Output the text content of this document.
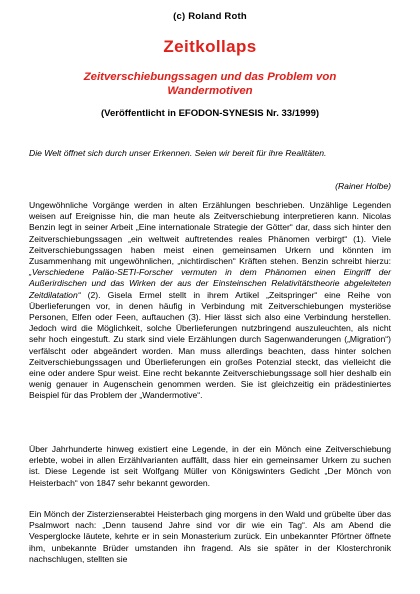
(c) Roland Roth
Zeitkollaps
Zeitverschiebungssagen und das Problem von Wandermotiven
(Veröffentlicht in EFODON-SYNESIS Nr. 33/1999)
Die Welt öffnet sich durch unser Erkennen. Seien wir bereit für ihre Realitäten.
(Rainer Holbe)

Ungewöhnliche Vorgänge werden in alten Erzählungen beschrieben. Unzählige Legenden weisen auf Ereignisse hin, die man heute als Zeitverschiebung interpretieren kann. Nicolas Benzin legt in seiner Arbeit „Eine internationale Strategie der Götter“ dar, dass sich hinter den Zeitverschiebungssagen „ein weltweit auftretendes reales Phänomen verbirgt“ (1). Viele Zeitverschiebungssagen haben meist einen gemeinsamen Urkern und könnten im Zusammenhang mit ungewöhnlichen, „nichtirdischen“ Kräften stehen. Benzin schreibt hierzu: „Verschiedene Paläo-SETI-Forscher vermuten in dem Phänomen einen Eingriff der Außerirdischen und das Wirken der aus der Einsteinschen Relativitätstheorie abgeleiteten Zeitdilatation“ (2). Gisela Ermel stellt in ihrem Artikel „Zeitspringer“ eine Reihe von Überlieferungen vor, in denen häufig in Verbindung mit Zeitverschiebungen mysteriöse Personen, Elfen oder Feen, auftauchen (3). Hier lässt sich also eine Verbindung herstellen. Jedoch wird die Möglichkeit, solche Überlieferungen nutzbringend auszuleuchten, als nicht sehr hoch eingestuft. Zu stark sind viele Erzählungen durch Sagenwanderungen („Migration“) verfälscht oder abgeändert worden. Man muss allerdings beachten, dass hinter solchen Zeitverschiebungssagen und Überlieferungen ein großes Potenzial steckt, das vielleicht die eine oder andere Spur weist. Eine recht bekannte Zeitverschiebungssage soll hier deshalb ein wenig genauer in Augenschein genommen werden. Sie ist gleichzeitig ein prädestiniertes Beispiel für das Problem der „Wandermotive“.

Über Jahrhunderte hinweg existiert eine Legende, in der ein Mönch eine Zeitverschiebung erlebte, wobei in allen Erzählvarianten auffällt, dass hier ein gemeinsamer Urkern zu suchen ist. Diese Legende ist seit Wolfgang Müller von Königswinters Gedicht „Der Mönch von Heisterbach“ von 1847 sehr bekannt geworden.

Ein Mönch der Zisterzienserabtei Heisterbach ging morgens in den Wald und grübelte über das Psalmwort nach: „Denn tausend Jahre sind vor dir wie ein Tag“. Als am Abend die Vesperglocke läutete, kehrte er in sein Monasterium zurück. Ein unbekannter Pförtner öffnete ihm, unbekannte Brüder umstanden ihn fragend. Als sie später in der Klosterchronik nachschlugen, stellten sie
